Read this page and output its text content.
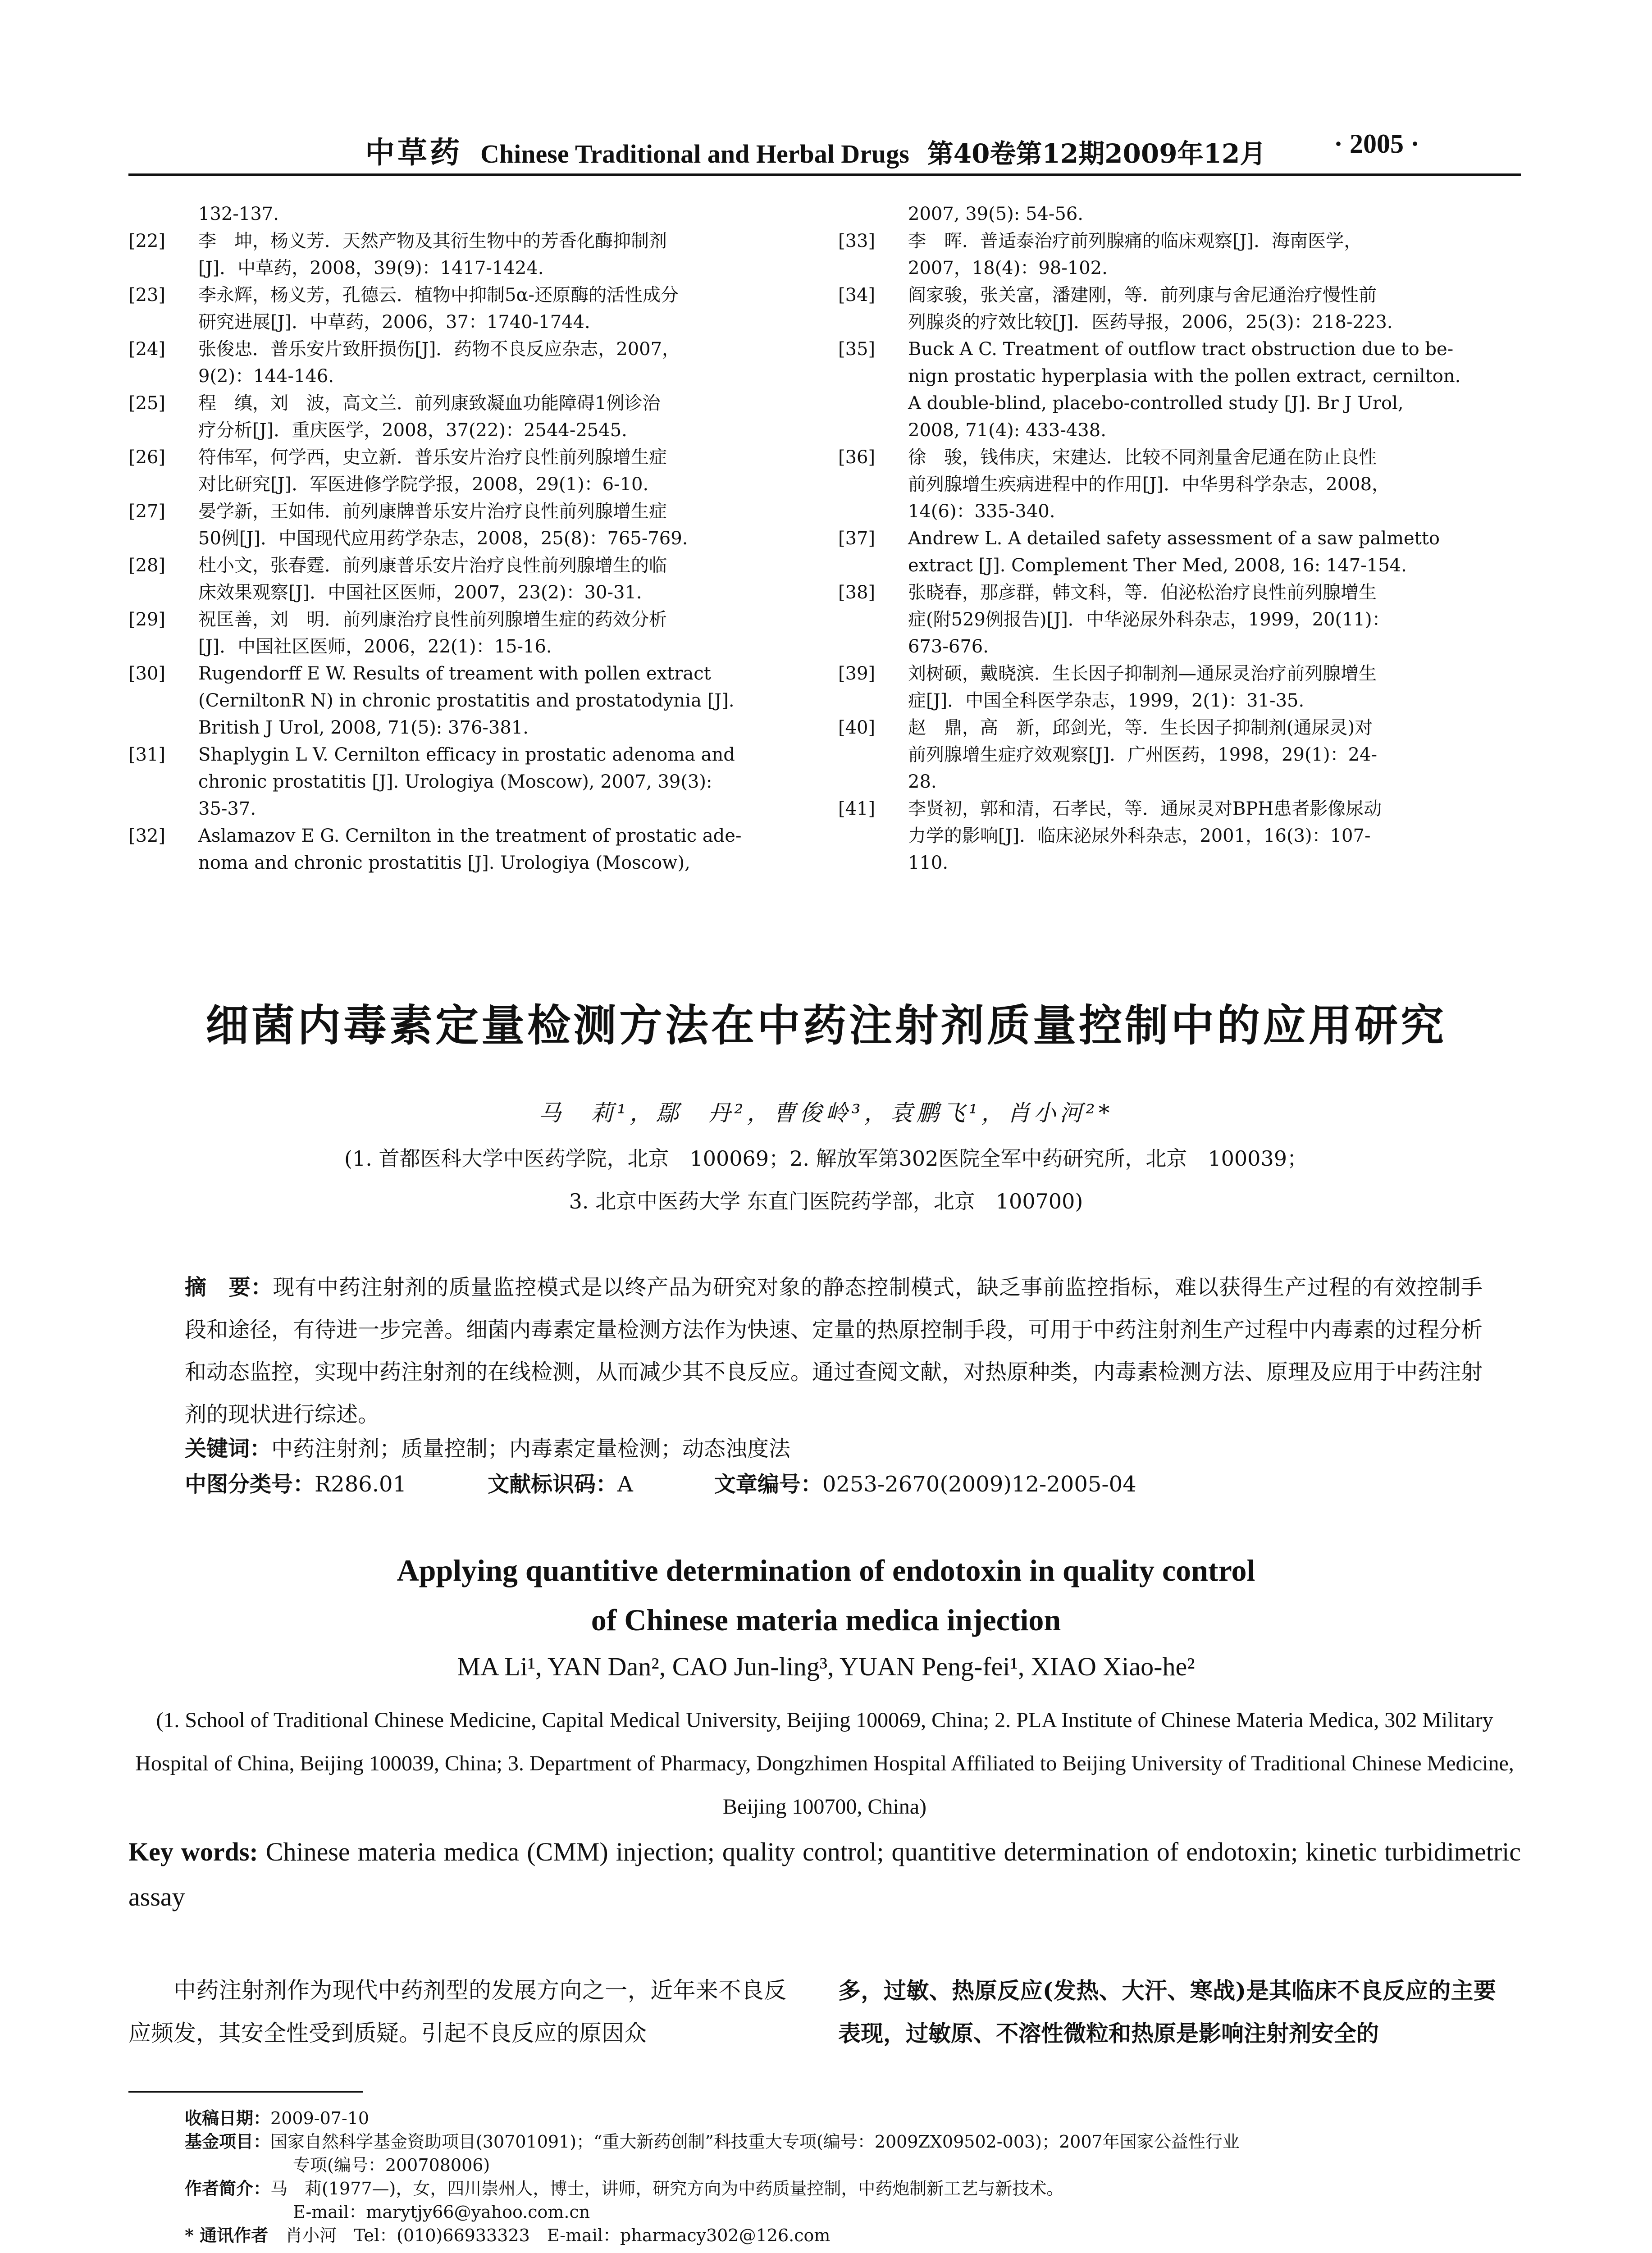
中草药 Chinese Traditional and Herbal Drugs 第40卷第12期2009年12月	· 2005 ·
132-137.
[22]	李　坤，杨义芳．天然产物及其衍生物中的芳香化酶抑制剂
[J]．中草药，2008，39(9)：1417-1424.
[23]	李永辉，杨义芳，孔德云．植物中抑制5α-还原酶的活性成分
研究进展[J]．中草药，2006，37：1740-1744.
[24]	张俊忠．普乐安片致肝损伤[J]．药物不良反应杂志，2007，
9(2)：144-146.
[25]	程　缜，刘　波，高文兰．前列康致凝血功能障碍1例诊治
疗分析[J]．重庆医学，2008，37(22)：2544-2545.
[26]	符伟军，何学西，史立新．普乐安片治疗良性前列腺增生症
对比研究[J]．军医进修学院学报，2008，29(1)：6-10.
[27]	晏学新，王如伟．前列康牌普乐安片治疗良性前列腺增生症
50例[J]．中国现代应用药学杂志，2008，25(8)：765-769.
[28]	杜小文，张春霆．前列康普乐安片治疗良性前列腺增生的临
床效果观察[J]．中国社区医师，2007，23(2)：30-31.
[29]	祝匡善，刘　明．前列康治疗良性前列腺增生症的药效分析
[J]．中国社区医师，2006，22(1)：15-16.
[30]	Rugendorff E W. Results of treament with pollen extract
(CerniltonR N) in chronic prostatitis and prostatodynia [J].
British J Urol, 2008, 71(5): 376-381.
[31]	Shaplygin L V. Cernilton efficacy in prostatic adenoma and
chronic prostatitis [J]. Urologiya (Moscow), 2007, 39(3):
35-37.
[32]	Aslamazov E G. Cernilton in the treatment of prostatic ade-
noma and chronic prostatitis [J]. Urologiya (Moscow),
2007, 39(5): 54-56.
[33]	李　晖．普适泰治疗前列腺痛的临床观察[J]．海南医学，
2007，18(4)：98-102.
[34]	阎家骏，张关富，潘建刚，等．前列康与舍尼通治疗慢性前
列腺炎的疗效比较[J]．医药导报，2006，25(3)：218-223.
[35]	Buck A C. Treatment of outflow tract obstruction due to be-
nign prostatic hyperplasia with the pollen extract, cernilton.
A double-blind, placebo-controlled study [J]. Br J Urol,
2008, 71(4): 433-438.
[36]	徐　骏，钱伟庆，宋建达．比较不同剂量舍尼通在防止良性
前列腺增生疾病进程中的作用[J]．中华男科学杂志，2008，
14(6)：335-340.
[37]	Andrew L. A detailed safety assessment of a saw palmetto
extract [J]. Complement Ther Med, 2008, 16: 147-154.
[38]	张晓春，那彦群，韩文科，等．伯泌松治疗良性前列腺增生
症(附529例报告)[J]．中华泌尿外科杂志，1999，20(11)：
673-676.
[39]	刘树硕，戴晓滨．生长因子抑制剂—通尿灵治疗前列腺增生
症[J]．中国全科医学杂志，1999，2(1)：31-35.
[40]	赵　鼎，高　新，邱剑光，等．生长因子抑制剂(通尿灵)对
前列腺增生症疗效观察[J]．广州医药，1998，29(1)：24-
28.
[41]	李贤初，郭和清，石孝民，等．通尿灵对BPH患者影像尿动
力学的影响[J]．临床泌尿外科杂志，2001，16(3)：107-
110.
细菌内毒素定量检测方法在中药注射剂质量控制中的应用研究
马　莉¹，鄢　丹²，曹俊岭³，袁鹏飞¹，肖小河²*
(1. 首都医科大学中医药学院，北京　100069；2. 解放军第302医院全军中药研究所，北京　100039；
3. 北京中医药大学 东直门医院药学部，北京　100700)
摘　要：现有中药注射剂的质量监控模式是以终产品为研究对象的静态控制模式，缺乏事前监控指标，难以获得生产过程的有效控制手段和途径，有待进一步完善。细菌内毒素定量检测方法作为快速、定量的热原控制手段，可用于中药注射剂生产过程中内毒素的过程分析和动态监控，实现中药注射剂的在线检测，从而减少其不良反应。通过查阅文献，对热原种类，内毒素检测方法、原理及应用于中药注射剂的现状进行综述。
关键词：中药注射剂；质量控制；内毒素定量检测；动态浊度法
中图分类号：R286.01	文献标识码：A	文章编号：0253-2670(2009)12-2005-04
Applying quantitive determination of endotoxin in quality control
of Chinese materia medica injection
MA Li¹, YAN Dan², CAO Jun-ling³, YUAN Peng-fei¹, XIAO Xiao-he²
(1. School of Traditional Chinese Medicine, Capital Medical University, Beijing 100069, China; 2. PLA Institute of Chinese Materia Medica, 302 Military Hospital of China, Beijing 100039, China; 3. Department of Pharmacy, Dongzhimen Hospital Affiliated to Beijing University of Traditional Chinese Medicine, Beijing 100700, China)
Key words: Chinese materia medica (CMM) injection; quality control; quantitive determination of endotoxin; kinetic turbidimetric assay
中药注射剂作为现代中药剂型的发展方向之一，近年来不良反应频发，其安全性受到质疑。引起不良反应的原因众
多，过敏、热原反应(发热、大汗、寒战)是其临床不良反应的主要表现，过敏原、不溶性微粒和热原是影响注射剂安全的
收稿日期： 2009-07-10
基金项目： 国家自然科学基金资助项目(30701091)；“重大新药创制”科技重大专项(编号：2009ZX09502-003)；2007年国家公益性行业
专项(编号：200708006)
作者简介： 马　莉(1977—)，女，四川崇州人，博士，讲师，研究方向为中药质量控制，中药炮制新工艺与新技术。
E-mail：marytjy66@yahoo.com.cn
* 通讯作者　 肖小河　Tel：(010)66933323　E-mail：pharmacy302@126.com
